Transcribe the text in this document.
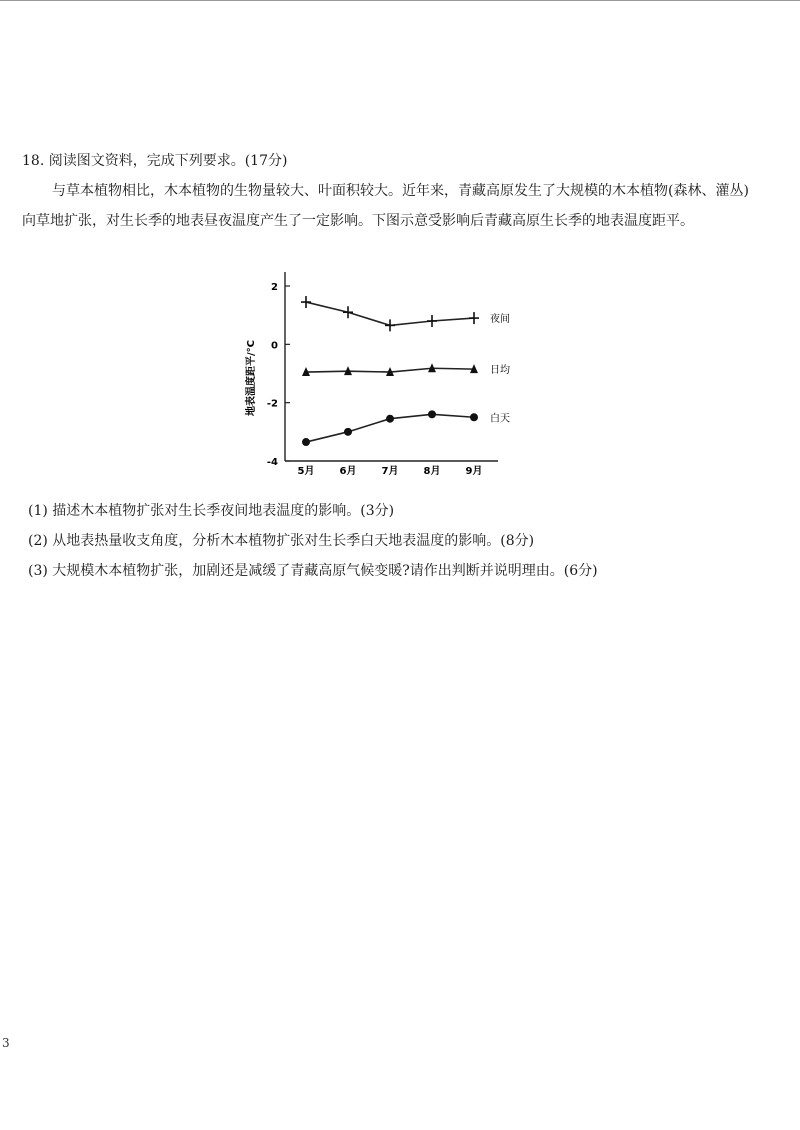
18. 阅读图文资料，完成下列要求。(17分)
与草本植物相比，木本植物的生物量较大、叶面积较大。近年来，青藏高原发生了大规模的木本植物(森林、灌丛)向草地扩张，对生长季的地表昼夜温度产生了一定影响。下图示意受影响后青藏高原生长季的地表温度距平。
地表温度距平/°C
2
0
-2
-4
5月	6月	7月	8月	9月
夜间
日均
白天
(1) 描述木本植物扩张对生长季夜间地表温度的影响。(3分)
(2) 从地表热量收支角度，分析木本植物扩张对生长季白天地表温度的影响。(8分)
(3) 大规模木本植物扩张，加剧还是减缓了青藏高原气候变暖?请作出判断并说明理由。(6分)
3
